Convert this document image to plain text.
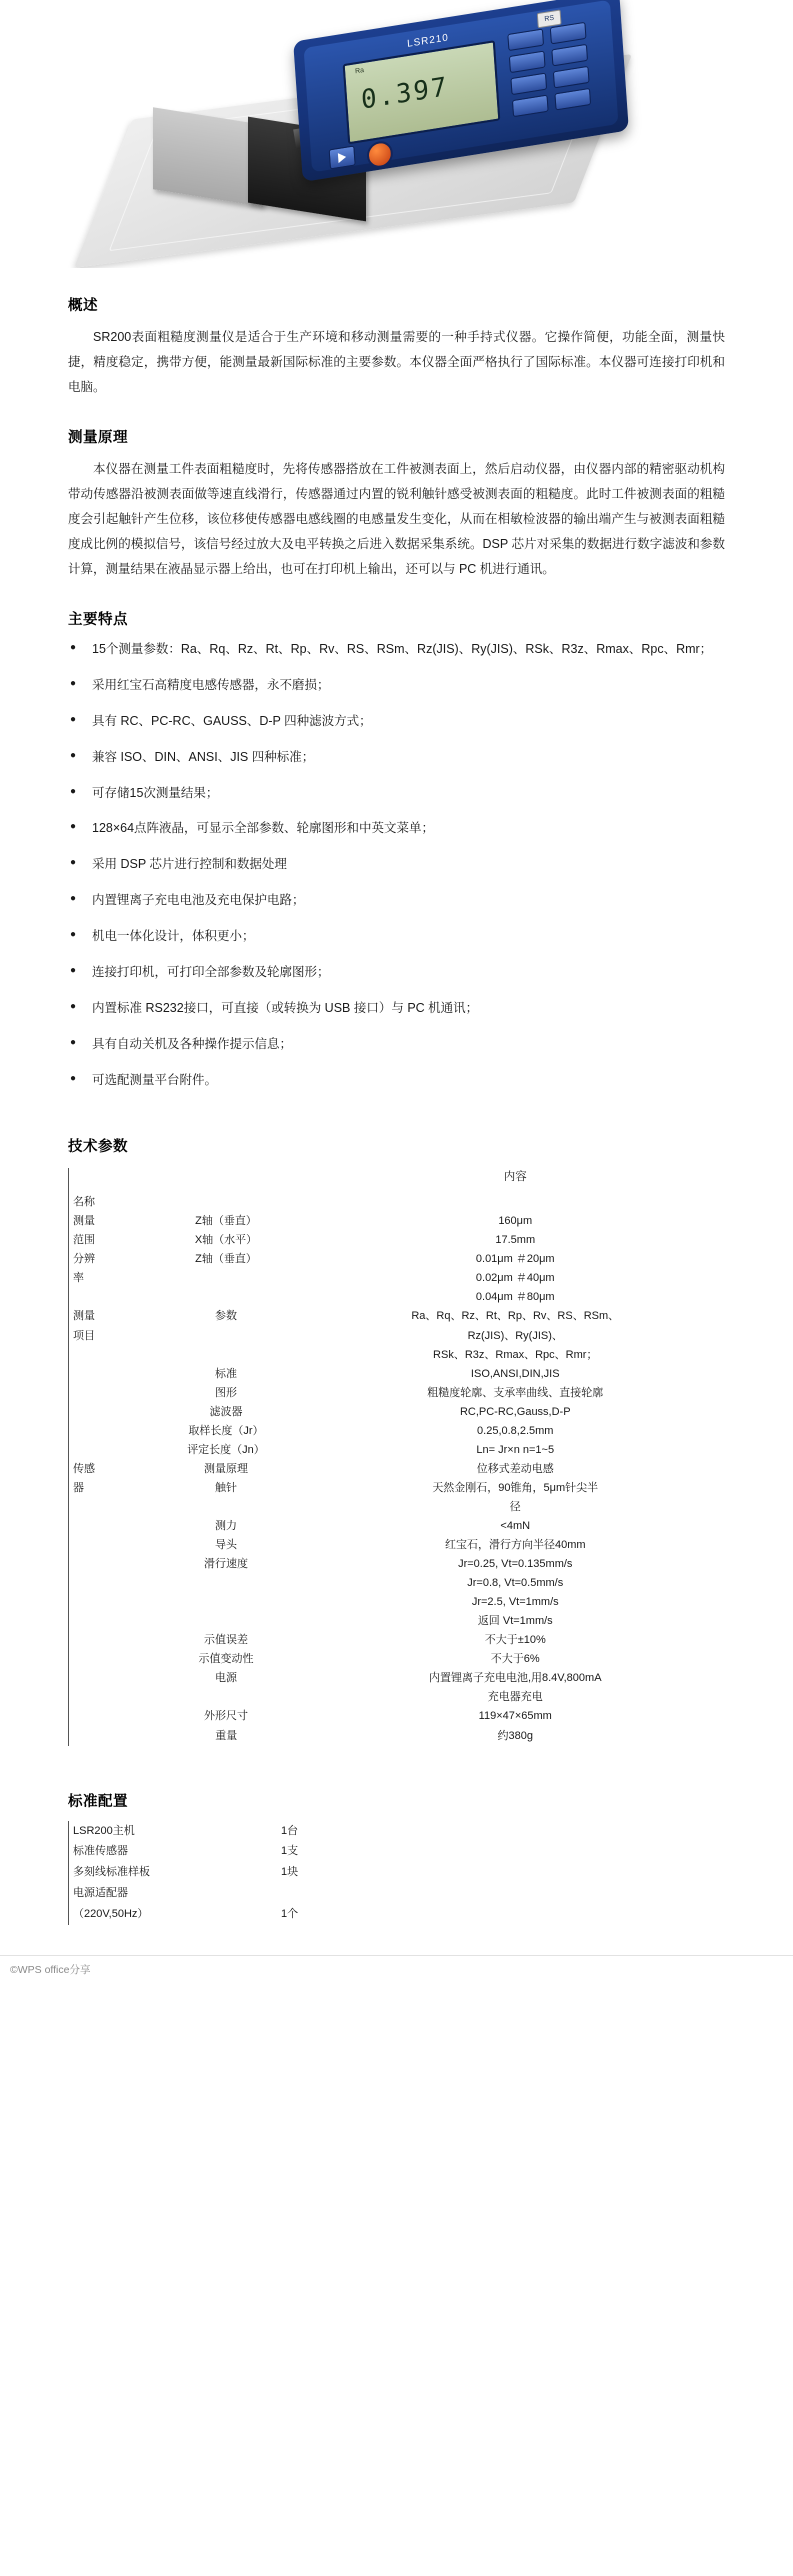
LSR210
RS
Ra
0.397
概述

SR200表面粗糙度测量仪是适合于生产环境和移动测量需要的一种手持式仪器。它操作简便，功能全面，测量快捷，精度稳定，携带方便，能测量最新国际标准的主要参数。本仪器全面严格执行了国际标准。本仪器可连接打印机和电脑。

测量原理

本仪器在测量工件表面粗糙度时，先将传感器搭放在工件被测表面上，然后启动仪器，由仪器内部的精密驱动机构带动传感器沿被测表面做等速直线滑行，传感器通过内置的锐利触针感受被测表面的粗糙度。此时工件被测表面的粗糙度会引起触针产生位移，该位移使传感器电感线圈的电感量发生变化，从而在相敏检波器的输出端产生与被测表面粗糙度成比例的模拟信号，该信号经过放大及电平转换之后进入数据采集系统。DSP 芯片对采集的数据进行数字滤波和参数计算，测量结果在液晶显示器上给出，也可在打印机上输出，还可以与 PC 机进行通讯。

主要特点
● 15个测量参数：Ra、Rq、Rz、Rt、Rp、Rv、RS、RSm、Rz(JIS)、Ry(JIS)、RSk、R3z、Rmax、Rpc、Rmr；
● 采用红宝石高精度电感传感器，永不磨损；
● 具有 RC、PC-RC、GAUSS、D-P 四种滤波方式；
● 兼容 ISO、DIN、ANSI、JIS 四种标准；
● 可存储15次测量结果；
● 128×64点阵液晶，可显示全部参数、轮廓图形和中英文菜单；
● 采用 DSP 芯片进行控制和数据处理
● 内置锂离子充电电池及充电保护电路；
● 机电一体化设计，体积更小；
● 连接打印机，可打印全部参数及轮廓图形；
● 内置标准 RS232接口，可直接（或转换为 USB 接口）与 PC 机通讯；
● 具有自动关机及各种操作提示信息；
● 可选配测量平台附件。
技术参数
		内容
名称		
测量	Z轴（垂直）	160μm
范围	X轴（水平）	17.5mm
分辨	Z轴（垂直）	0.01μm ＃20μm
率		0.02μm ＃40μm
		0.04μm ＃80μm
测量	参数	Ra、Rq、Rz、Rt、Rp、Rv、RS、RSm、
项目		Rz(JIS)、Ry(JIS)、
		RSk、R3z、Rmax、Rpc、Rmr；
	标准	ISO,ANSI,DIN,JIS
	图形	粗糙度轮廓、支承率曲线、直接轮廓
	滤波器	RC,PC-RC,Gauss,D-P
	取样长度（Jr）	0.25,0.8,2.5mm
	评定长度（Jn）	Ln= Jr×n n=1~5
传感	测量原理	位移式差动电感
器	触针	天然金刚石，90锥角，5μm针尖半
		径
	测力	<4mN
	导头	红宝石，滑行方向半径40mm
	滑行速度	Jr=0.25, Vt=0.135mm/s
		Jr=0.8, Vt=0.5mm/s
		Jr=2.5, Vt=1mm/s
		返回 Vt=1mm/s
	示值误差	不大于±10%
	示值变动性	不大于6%
	电源	内置锂离子充电电池,用8.4V,800mA
		充电器充电
	外形尺寸	119×47×65mm
	重量	约380g
标准配置
LSR200主机	1台
标准传感器	1支
多刻线标准样板	1块
电源适配器	
（220V,50Hz）	1个
©WPS office分享
